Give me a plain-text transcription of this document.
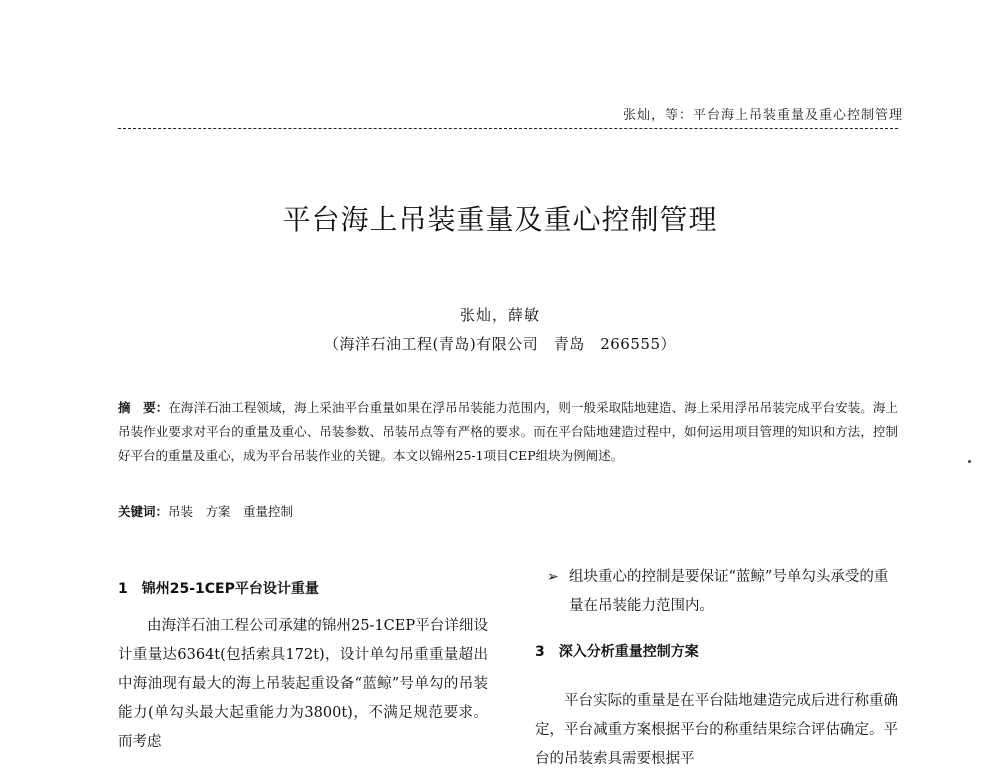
张灿，等：平台海上吊装重量及重心控制管理
平台海上吊装重量及重心控制管理
张灿，薛敏
（海洋石油工程(青岛)有限公司　青岛　266555）
摘　要：在海洋石油工程领域，海上采油平台重量如果在浮吊吊装能力范围内，则一般采取陆地建造、海上采用浮吊吊装完成平台安装。海上吊装作业要求对平台的重量及重心、吊装参数、吊装吊点等有严格的要求。而在平台陆地建造过程中，如何运用项目管理的知识和方法，控制好平台的重量及重心，成为平台吊装作业的关键。本文以锦州25-1项目CEP组块为例阐述。
关键词：吊装　方案　重量控制
1　锦州25-1CEP平台设计重量

由海洋石油工程公司承建的锦州25-1CEP平台详细设计重量达6364t(包括索具172t)，设计单勾吊重重量超出中海油现有最大的海上吊装起重设备“蓝鲸”号单勾的吊装能力(单勾头最大起重能力为3800t)，不满足规范要求。而考虑

➢ 组块重心的控制是要保证“蓝鲸”号单勾头承受的重量在吊装能力范围内。

3　深入分析重量控制方案

平台实际的重量是在平台陆地建造完成后进行称重确定，平台减重方案根据平台的称重结果综合评估确定。平台的吊装索具需要根据平
